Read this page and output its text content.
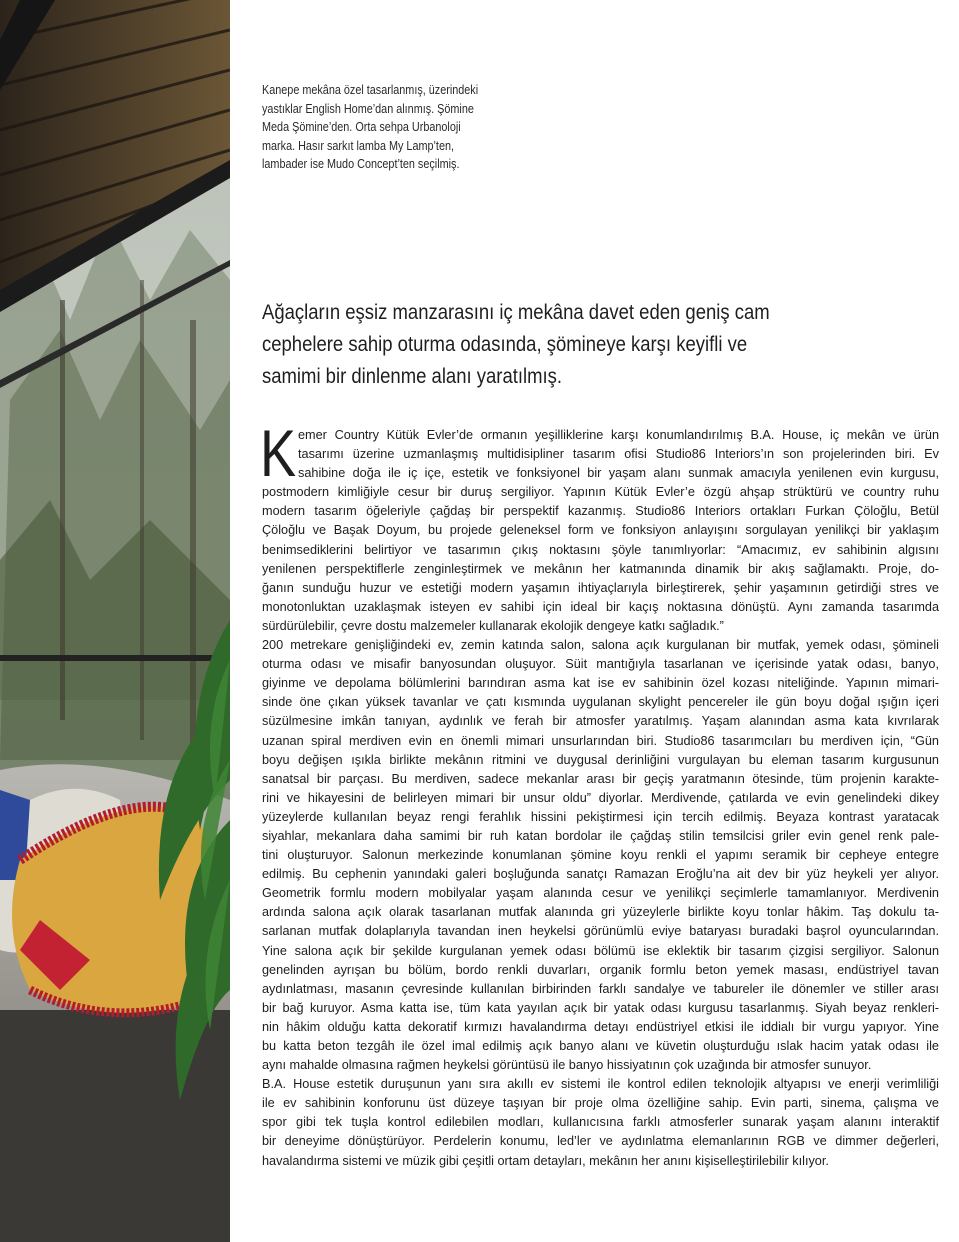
Kanepe mekâna özel tasarlanmış, üzerindeki
yastıklar English Home’dan alınmış. Şömine
Meda Şömine’den. Orta sehpa Urbanoloji
marka. Hasır sarkıt lamba My Lamp’ten,
lambader ise Mudo Concept’ten seçilmiş.
Ağaçların eşsiz manzarasını iç mekâna davet eden geniş cam
cephelere sahip oturma odasında, şömineye karşı keyifli ve
samimi bir dinlenme alanı yaratılmış.
K emer Country Kütük Evler’de ormanın yeşilliklerine karşı konumlandırılmış B.A. House, iç mekân ve ürün
tasarımı üzerine uzmanlaşmış multidisipliner tasarım ofisi Studio86 Interiors’ın son projelerinden biri. Ev
sahibine doğa ile iç içe, estetik ve fonksiyonel bir yaşam alanı sunmak amacıyla yenilenen evin kurgusu,
postmodern kimliğiyle cesur bir duruş sergiliyor. Yapının Kütük Evler’e özgü ahşap strüktürü ve country ruhu
modern tasarım öğeleriyle çağdaş bir perspektif kazanmış. Studio86 Interiors ortakları Furkan Çöloğlu, Betül
Çöloğlu ve Başak Doyum, bu projede geleneksel form ve fonksiyon anlayışını sorgulayan yenilikçi bir yaklaşım
benimsediklerini belirtiyor ve tasarımın çıkış noktasını şöyle tanımlıyorlar: “Amacımız, ev sahibinin algısını
yenilenen perspektiflerle zenginleştirmek ve mekânın her katmanında dinamik bir akış sağlamaktı. Proje, do-
ğanın sunduğu huzur ve estetiği modern yaşamın ihtiyaçlarıyla birleştirerek, şehir yaşamının getirdiği stres ve
monotonluktan uzaklaşmak isteyen ev sahibi için ideal bir kaçış noktasına dönüştü. Aynı zamanda tasarımda
sürdürülebilir, çevre dostu malzemeler kullanarak ekolojik dengeye katkı sağladık.”
200 metrekare genişliğindeki ev, zemin katında salon, salona açık kurgulanan bir mutfak, yemek odası, şömineli
oturma odası ve misafir banyosundan oluşuyor. Süit mantığıyla tasarlanan ve içerisinde yatak odası, banyo,
giyinme ve depolama bölümlerini barındıran asma kat ise ev sahibinin özel kozası niteliğinde. Yapının mimari-
sinde öne çıkan yüksek tavanlar ve çatı kısmında uygulanan skylight pencereler ile gün boyu doğal ışığın içeri
süzülmesine imkân tanıyan, aydınlık ve ferah bir atmosfer yaratılmış. Yaşam alanından asma kata kıvrılarak
uzanan spiral merdiven evin en önemli mimari unsurlarından biri. Studio86 tasarımcıları bu merdiven için, “Gün
boyu değişen ışıkla birlikte mekânın ritmini ve duygusal derinliğini vurgulayan bu eleman tasarım kurgusunun
sanatsal bir parçası. Bu merdiven, sadece mekanlar arası bir geçiş yaratmanın ötesinde, tüm projenin karakte-
rini ve hikayesini de belirleyen mimari bir unsur oldu” diyorlar. Merdivende, çatılarda ve evin genelindeki dikey
yüzeylerde kullanılan beyaz rengi ferahlık hissini pekiştirmesi için tercih edilmiş. Beyaza kontrast yaratacak
siyahlar, mekanlara daha samimi bir ruh katan bordolar ile çağdaş stilin temsilcisi griler evin genel renk pale-
tini oluşturuyor. Salonun merkezinde konumlanan şömine koyu renkli el yapımı seramik bir cepheye entegre
edilmiş. Bu cephenin yanındaki galeri boşluğunda sanatçı Ramazan Eroğlu’na ait dev bir yüz heykeli yer alıyor.
Geometrik formlu modern mobilyalar yaşam alanında cesur ve yenilikçi seçimlerle tamamlanıyor. Merdivenin
ardında salona açık olarak tasarlanan mutfak alanında gri yüzeylerle birlikte koyu tonlar hâkim. Taş dokulu ta-
sarlanan mutfak dolaplarıyla tavandan inen heykelsi görünümlü eviye bataryası buradaki başrol oyuncularından.
Yine salona açık bir şekilde kurgulanan yemek odası bölümü ise eklektik bir tasarım çizgisi sergiliyor. Salonun
genelinden ayrışan bu bölüm, bordo renkli duvarları, organik formlu beton yemek masası, endüstriyel tavan
aydınlatması, masanın çevresinde kullanılan birbirinden farklı sandalye ve tabureler ile dönemler ve stiller arası
bir bağ kuruyor. Asma katta ise, tüm kata yayılan açık bir yatak odası kurgusu tasarlanmış. Siyah beyaz renkleri-
nin hâkim olduğu katta dekoratif kırmızı havalandırma detayı endüstriyel etkisi ile iddialı bir vurgu yapıyor. Yine
bu katta beton tezgâh ile özel imal edilmiş açık banyo alanı ve küvetin oluşturduğu ıslak hacim yatak odası ile
aynı mahalde olmasına rağmen heykelsi görüntüsü ile banyo hissiyatının çok uzağında bir atmosfer sunuyor.
B.A. House estetik duruşunun yanı sıra akıllı ev sistemi ile kontrol edilen teknolojik altyapısı ve enerji verimliliği
ile ev sahibinin konforunu üst düzeye taşıyan bir proje olma özelliğine sahip. Evin parti, sinema, çalışma ve
spor gibi tek tuşla kontrol edilebilen modları, kullanıcısına farklı atmosferler sunarak yaşam alanını interaktif
bir deneyime dönüştürüyor. Perdelerin konumu, led’ler ve aydınlatma elemanlarının RGB ve dimmer değerleri,
havalandırma sistemi ve müzik gibi çeşitli ortam detayları, mekânın her anını kişiselleştirilebilir kılıyor.
